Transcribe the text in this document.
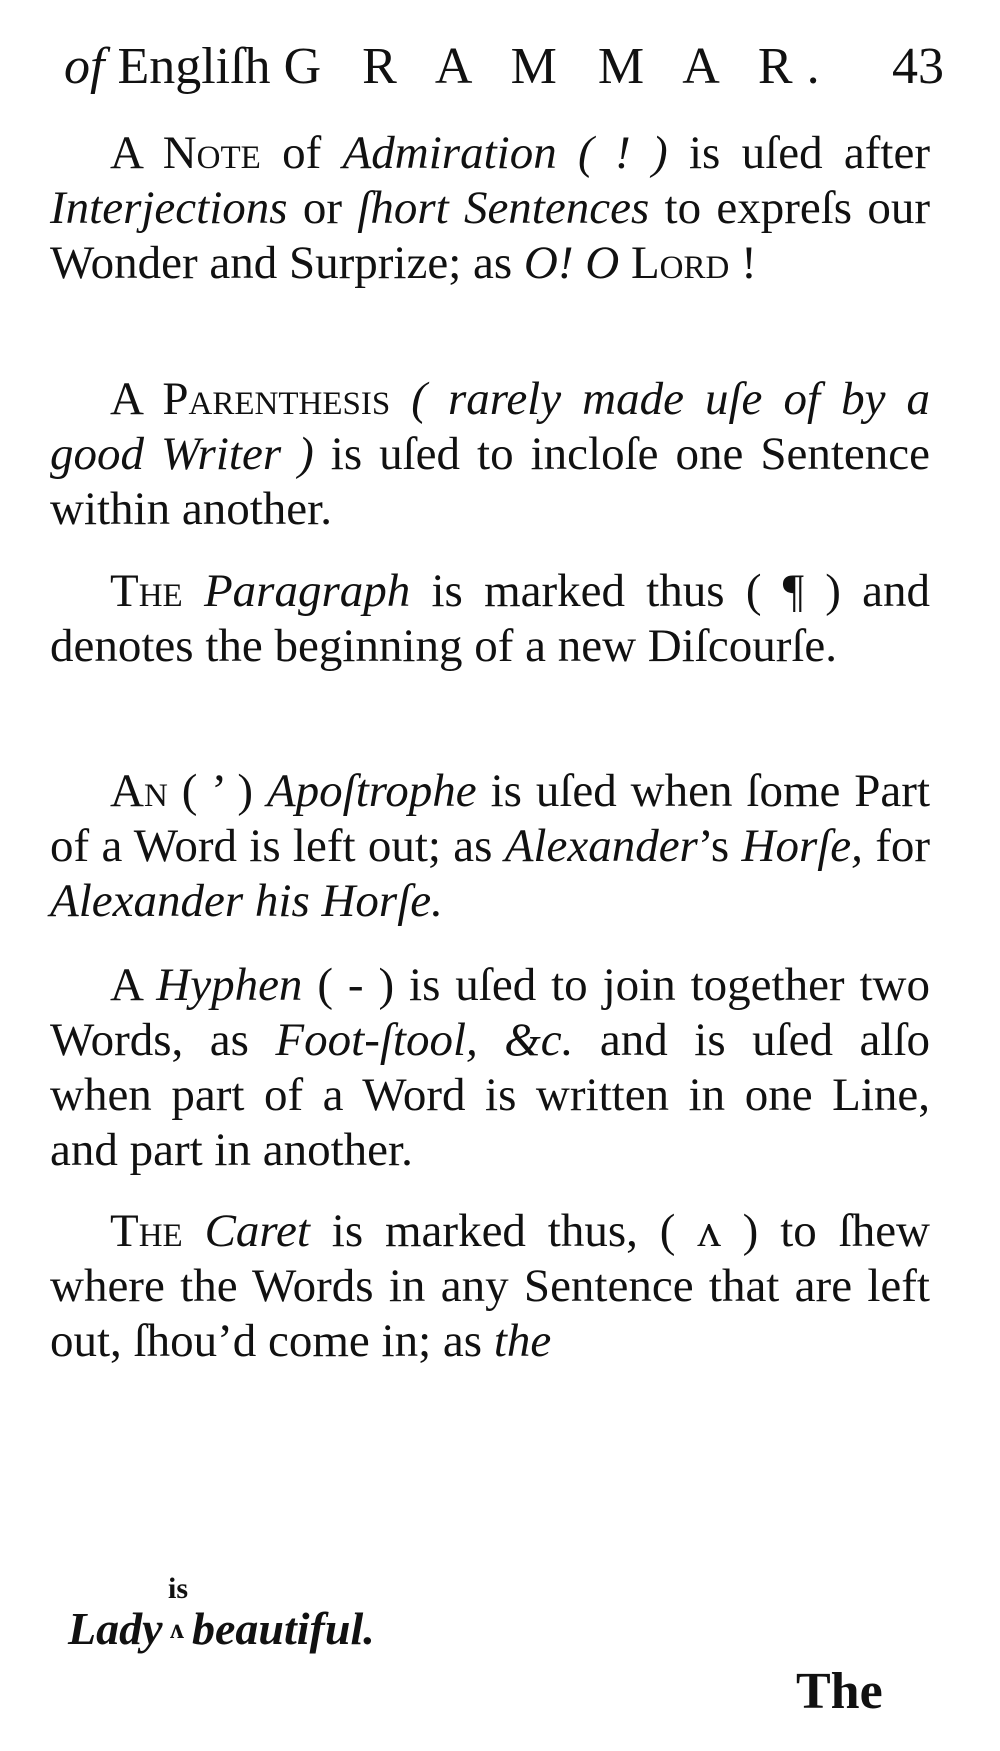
of Engliſh G R A M M A R. 43
A Note of Admiration ( ! ) is uſed after Interjections or ſhort Sentences to expreſs our Wonder and Surprize; as O! O Lord !
A Parenthesis ( rarely made uſe of by a good Writer ) is uſed to incloſe one Sentence within another.
The Paragraph is marked thus ( ¶ ) and denotes the beginning of a new Diſcourſe.
An ( ’ ) Apoſtrophe is uſed when ſome Part of a Word is left out; as Alexander’s Horſe, for Alexander his Horſe.
A Hyphen ( - ) is uſed to join together two Words, as Foot-ſtool, &c. and is uſed alſo when part of a Word is written in one Line, and part in another.
The Caret is marked thus, ( ʌ ) to ſhew where the Words in any Sentence that are left out, ſhou’d come in; as the
Lady
is
ʌ beautiful.
The
